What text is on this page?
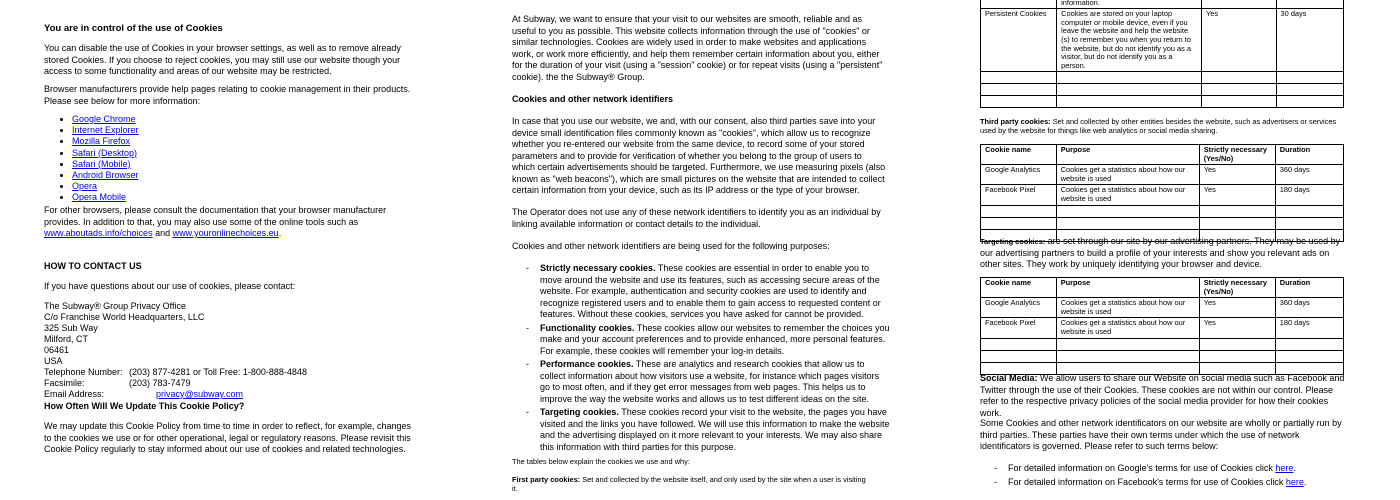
You are in control of the use of Cookies

You can disable the use of Cookies in your browser settings, as well as to remove already stored Cookies. If you choose to reject cookies, you may still use our website though your access to some functionality and areas of our website may be restricted.

Browser manufacturers provide help pages relating to cookie management in their products. Please see below for more information:

• Google Chrome
• Internet Explorer
• Mozilla Firefox
• Safari (Desktop)
• Safari (Mobile)
• Android Browser
• Opera
• Opera Mobile

For other browsers, please consult the documentation that your browser manufacturer provides. In addition to that, you may also use some of the online tools such as www.aboutads.info/choices and www.youronlinechoices.eu.

HOW TO CONTACT US

If you have questions about our use of cookies, please contact:

The Subway® Group Privacy Office
C/o Franchise World Headquarters, LLC
325 Sub Way
Milford, CT
06461
USA
Telephone Number: (203) 877-4281 or Toll Free: 1-800-888-4848
Facsimile:	(203) 783-7479
Email Address:	privacy@subway.com

How Often Will We Update This Cookie Policy?

We may update this Cookie Policy from time to time in order to reflect, for example, changes to the cookies we use or for other operational, legal or regulatory reasons. Please revisit this Cookie Policy regularly to stay informed about our use of cookies and related technologies.

At Subway, we want to ensure that your visit to our websites are smooth, reliable and as useful to you as possible. This website collects information through the use of "cookies" or similar technologies. Cookies are widely used in order to make websites and applications work, or work more efficiently, and help them remember certain information about you, either for the duration of your visit (using a "session" cookie) or for repeat visits (using a "persistent" cookie). the the Subway® Group.

Cookies and other network identifiers

In case that you use our website, we and, with our consent, also third parties save into your device small identification files commonly known as "cookies", which allow us to recognize whether you re-entered our website from the same device, to record some of your stored parameters and to provide for verification of whether you belong to the group of users to which certain advertisements should be targeted. Furthermore, we use measuring pixels (also known as "web beacons"), which are small pictures on the website that are intended to collect certain information from your device, such as its IP address or the type of your browser.

The Operator does not use any of these network identifiers to identify you as an individual by linking available information or contact details to the individual.

Cookies and other network identifiers are being used for the following purposes:

- Strictly necessary cookies. These cookies are essential in order to enable you to move around the website and use its features, such as accessing secure areas of the website. For example, authentication and security cookies are used to identify and recognize registered users and to enable them to gain access to requested content or features. Without these cookies, services you have asked for cannot be provided.
- Functionality cookies. These cookies allow our websites to remember the choices you make and your account preferences and to provide enhanced, more personal features. For example, these cookies will remember your log-in details.
- Performance cookies. These are analytics and research cookies that allow us to collect information about how visitors use a website, for instance which pages visitors go to most often, and if they get error messages from web pages. This helps us to improve the way the website works and allows us to test different ideas on the site.
- Targeting cookies. These cookies record your visit to the website, the pages you have visited and the links you have followed. We will use this information to make the website and the advertising displayed on it more relevant to your interests. We may also share this information with third parties for this purpose.

The tables below explain the cookies we use and why:

First party cookies: Set and collected by the website itself, and only used by the site when a user is visiting it.

	information.		
Persistent Cookies	Cookies are stored on your laptop computer or mobile device, even if you leave the website and help the website (s) to remember you when you return to the website, but do not identify you as a visitor, but do not identify you as a person.	Yes	30 days

Third party cookies: Set and collected by other entities besides the website, such as advertisers or services used by the website for things like web analytics or social media sharing.

Cookie name	Purpose	Strictly necessary (Yes/No)	Duration
Google Analytics	Cookies get a statistics about how our website is used	Yes	360 days
Facebook Pixel	Cookies get a statistics about how our website is used	Yes	180 days

Targeting cookies: are set through our site by our advertising partners. They may be used by our advertising partners to build a profile of your interests and show you relevant ads on other sites. They work by uniquely identifying your browser and device.

Cookie name	Purpose	Strictly necessary (Yes/No)	Duration
Google Analytics	Cookies get a statistics about how our website is used	Yes	360 days
Facebook Pixel	Cookies get a statistics about how our website is used	Yes	180 days

Social Media: We allow users to share our Website on social media such as Facebook and Twitter through the use of their Cookies. These cookies are not within our control. Please refer to the respective privacy policies of the social media provider for how their cookies work.

Some Cookies and other network identificators on our website are wholly or partially run by third parties. These parties have their own terms under which the use of network identificators is governed. Please refer to such terms below:

- For detailed information on Google's terms for use of Cookies click here.
- For detailed information on Facebook's terms for use of Cookies click here.
